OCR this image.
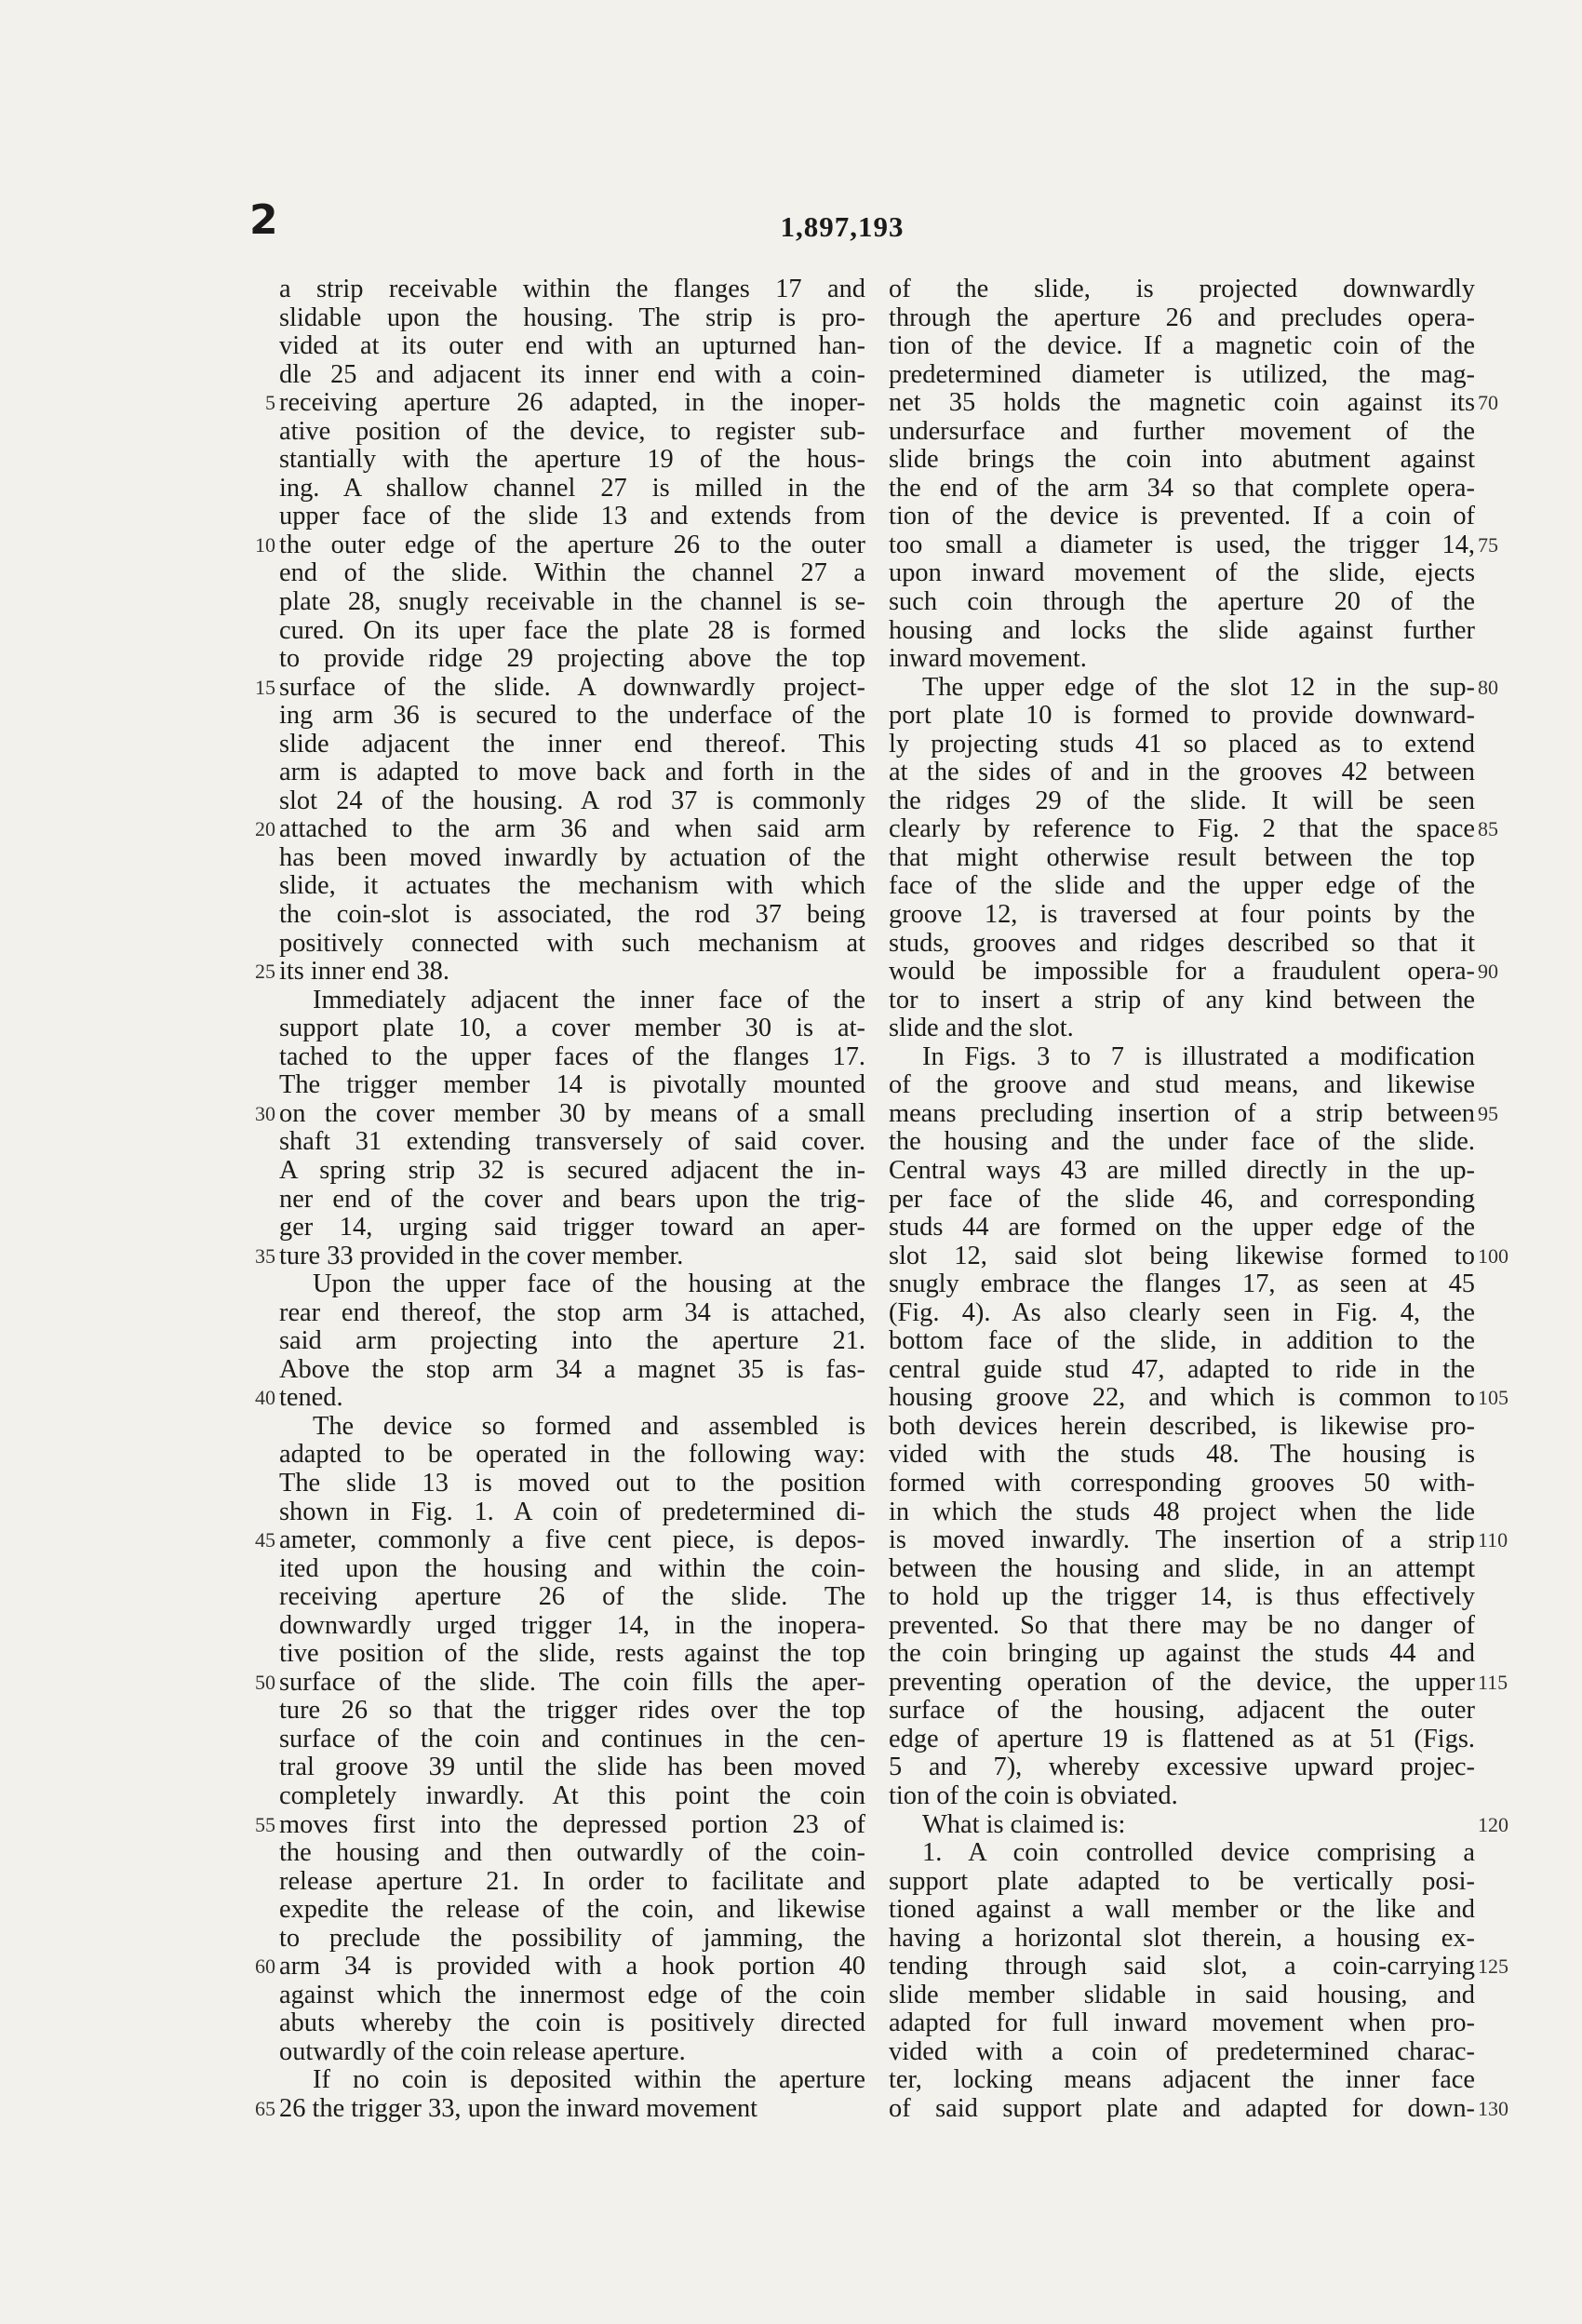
2	1,897,193
a strip receivable within the flanges 17 and
slidable upon the housing. The strip is pro-
vided at its outer end with an upturned han-
dle 25 and adjacent its inner end with a coin-
receiving aperture 26 adapted, in the inoper-
ative position of the device, to register sub-
stantially with the aperture 19 of the hous-
ing. A shallow channel 27 is milled in the
upper face of the slide 13 and extends from
the outer edge of the aperture 26 to the outer
end of the slide. Within the channel 27 a
plate 28, snugly receivable in the channel is se-
cured. On its uper face the plate 28 is formed
to provide ridge 29 projecting above the top
surface of the slide. A downwardly project-
ing arm 36 is secured to the underface of the
slide adjacent the inner end thereof. This
arm is adapted to move back and forth in the
slot 24 of the housing. A rod 37 is commonly
attached to the arm 36 and when said arm
has been moved inwardly by actuation of the
slide, it actuates the mechanism with which
the coin-slot is associated, the rod 37 being
positively connected with such mechanism at
its inner end 38.
Immediately adjacent the inner face of the
support plate 10, a cover member 30 is at-
tached to the upper faces of the flanges 17.
The trigger member 14 is pivotally mounted
on the cover member 30 by means of a small
shaft 31 extending transversely of said cover.
A spring strip 32 is secured adjacent the in-
ner end of the cover and bears upon the trig-
ger 14, urging said trigger toward an aper-
ture 33 provided in the cover member.
Upon the upper face of the housing at the
rear end thereof, the stop arm 34 is attached,
said arm projecting into the aperture 21.
Above the stop arm 34 a magnet 35 is fas-
tened.
The device so formed and assembled is
adapted to be operated in the following way:
The slide 13 is moved out to the position
shown in Fig. 1. A coin of predetermined di-
ameter, commonly a five cent piece, is depos-
ited upon the housing and within the coin-
receiving aperture 26 of the slide. The
downwardly urged trigger 14, in the inopera-
tive position of the slide, rests against the top
surface of the slide. The coin fills the aper-
ture 26 so that the trigger rides over the top
surface of the coin and continues in the cen-
tral groove 39 until the slide has been moved
completely inwardly. At this point the coin
moves first into the depressed portion 23 of
the housing and then outwardly of the coin-
release aperture 21. In order to facilitate and
expedite the release of the coin, and likewise
to preclude the possibility of jamming, the
arm 34 is provided with a hook portion 40
against which the innermost edge of the coin
abuts whereby the coin is positively directed
outwardly of the coin release aperture.
If no coin is deposited within the aperture
26 the trigger 33, upon the inward movement
of the slide, is projected downwardly
through the aperture 26 and precludes opera-
tion of the device. If a magnetic coin of the
predetermined diameter is utilized, the mag-
net 35 holds the magnetic coin against its
undersurface and further movement of the
slide brings the coin into abutment against
the end of the arm 34 so that complete opera-
tion of the device is prevented. If a coin of
too small a diameter is used, the trigger 14,
upon inward movement of the slide, ejects
such coin through the aperture 20 of the
housing and locks the slide against further
inward movement.
The upper edge of the slot 12 in the sup-
port plate 10 is formed to provide downward-
ly projecting studs 41 so placed as to extend
at the sides of and in the grooves 42 between
the ridges 29 of the slide. It will be seen
clearly by reference to Fig. 2 that the space
that might otherwise result between the top
face of the slide and the upper edge of the
groove 12, is traversed at four points by the
studs, grooves and ridges described so that it
would be impossible for a fraudulent opera-
tor to insert a strip of any kind between the
slide and the slot.
In Figs. 3 to 7 is illustrated a modification
of the groove and stud means, and likewise
means precluding insertion of a strip between
the housing and the under face of the slide.
Central ways 43 are milled directly in the up-
per face of the slide 46, and corresponding
studs 44 are formed on the upper edge of the
slot 12, said slot being likewise formed to
snugly embrace the flanges 17, as seen at 45
(Fig. 4). As also clearly seen in Fig. 4, the
bottom face of the slide, in addition to the
central guide stud 47, adapted to ride in the
housing groove 22, and which is common to
both devices herein described, is likewise pro-
vided with the studs 48. The housing is
formed with corresponding grooves 50 with-
in which the studs 48 project when the lide
is moved inwardly. The insertion of a strip
between the housing and slide, in an attempt
to hold up the trigger 14, is thus effectively
prevented. So that there may be no danger of
the coin bringing up against the studs 44 and
preventing operation of the device, the upper
surface of the housing, adjacent the outer
edge of aperture 19 is flattened as at 51 (Figs.
5 and 7), whereby excessive upward projec-
tion of the coin is obviated.
What is claimed is:
1. A coin controlled device comprising a
support plate adapted to be vertically posi-
tioned against a wall member or the like and
having a horizontal slot therein, a housing ex-
tending through said slot, a coin-carrying
slide member slidable in said housing, and
adapted for full inward movement when pro-
vided with a coin of predetermined charac-
ter, locking means adjacent the inner face
of said support plate and adapted for down-
5
10
15
20
25
30
35
40
45
50
55
60
65
70
75
80
85
90
95
100
105
110
115
120
125
130
